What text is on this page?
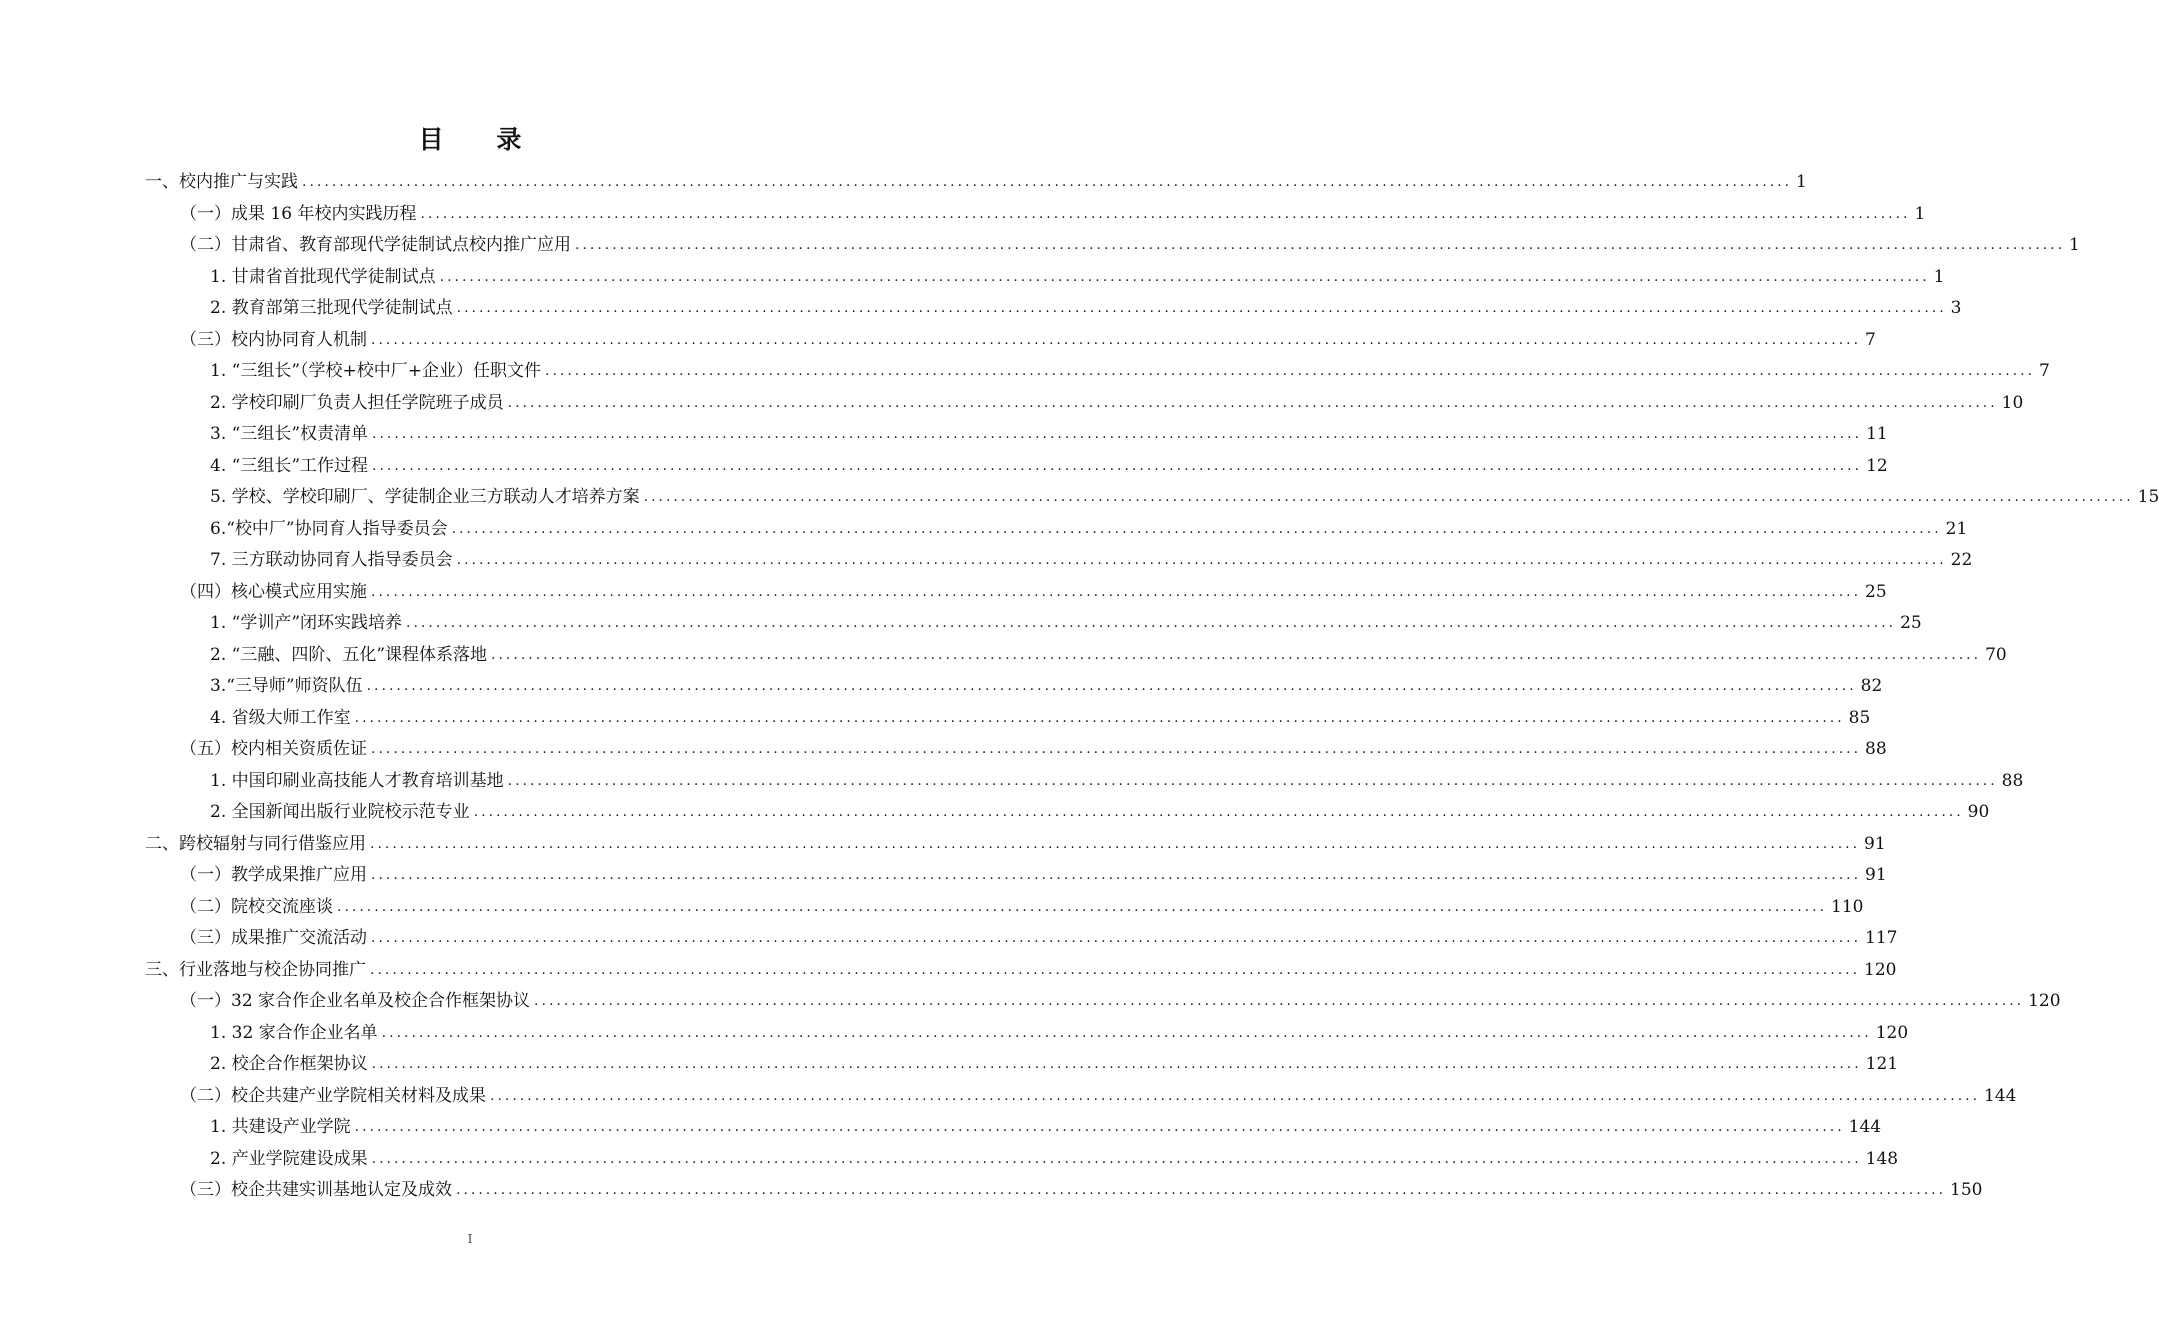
目 录
一、校内推广与实践 ........................................................................................................................................................................................................ 1
（一）成果 16 年校内实践历程 ........................................................................................................................................................................................................ 1
（二）甘肃省、教育部现代学徒制试点校内推广应用 ........................................................................................................................................................................................................ 1
1. 甘肃省首批现代学徒制试点 ........................................................................................................................................................................................................ 1
2. 教育部第三批现代学徒制试点 ........................................................................................................................................................................................................ 3
（三）校内协同育人机制 ........................................................................................................................................................................................................ 7
1. “三组长”（学校+校中厂+企业）任职文件 ........................................................................................................................................................................................................ 7
2. 学校印刷厂负责人担任学院班子成员 ........................................................................................................................................................................................................ 10
3. “三组长”权责清单 ........................................................................................................................................................................................................ 11
4. “三组长”工作过程 ........................................................................................................................................................................................................ 12
5. 学校、学校印刷厂、学徒制企业三方联动人才培养方案 ........................................................................................................................................................................................................ 15
6.“校中厂”协同育人指导委员会 ........................................................................................................................................................................................................ 21
7. 三方联动协同育人指导委员会 ........................................................................................................................................................................................................ 22
（四）核心模式应用实施 ........................................................................................................................................................................................................ 25
1. “学训产”闭环实践培养 ........................................................................................................................................................................................................ 25
2. “三融、四阶、五化”课程体系落地 ........................................................................................................................................................................................................ 70
3.“三导师”师资队伍 ........................................................................................................................................................................................................ 82
4. 省级大师工作室 ........................................................................................................................................................................................................ 85
（五）校内相关资质佐证 ........................................................................................................................................................................................................ 88
1. 中国印刷业高技能人才教育培训基地 ........................................................................................................................................................................................................ 88
2. 全国新闻出版行业院校示范专业 ........................................................................................................................................................................................................ 90
二、跨校辐射与同行借鉴应用 ........................................................................................................................................................................................................ 91
（一）教学成果推广应用 ........................................................................................................................................................................................................ 91
（二）院校交流座谈 ........................................................................................................................................................................................................ 110
（三）成果推广交流活动 ........................................................................................................................................................................................................ 117
三、行业落地与校企协同推广 ........................................................................................................................................................................................................ 120
（一）32 家合作企业名单及校企合作框架协议 ........................................................................................................................................................................................................ 120
1. 32 家合作企业名单 ........................................................................................................................................................................................................ 120
2. 校企合作框架协议 ........................................................................................................................................................................................................ 121
（二）校企共建产业学院相关材料及成果 ........................................................................................................................................................................................................ 144
1. 共建设产业学院 ........................................................................................................................................................................................................ 144
2. 产业学院建设成果 ........................................................................................................................................................................................................ 148
（三）校企共建实训基地认定及成效 ........................................................................................................................................................................................................ 150
I
